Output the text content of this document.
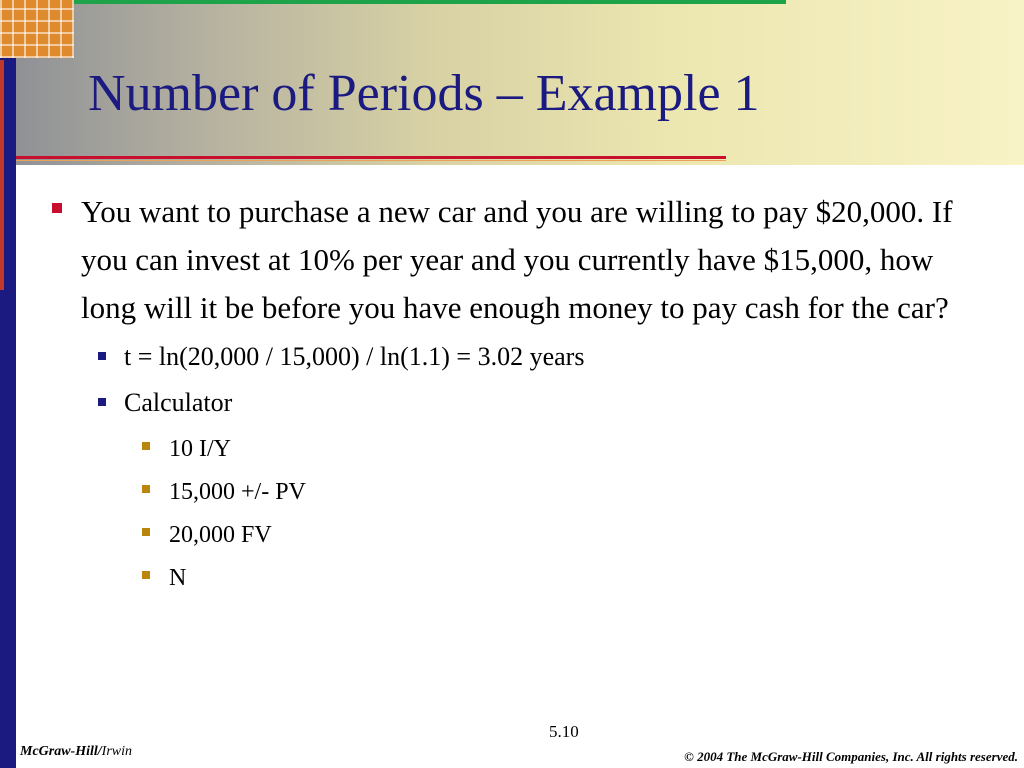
Number of Periods – Example 1
You want to purchase a new car and you are willing to pay $20,000. If you can invest at 10% per year and you currently have $15,000, how long will it be before you have enough money to pay cash for the car?
t = ln(20,000 / 15,000) / ln(1.1) = 3.02 years
Calculator
10 I/Y
15,000 +/- PV
20,000 FV
N
5.10
McGraw-Hill/Irwin	© 2004 The McGraw-Hill Companies, Inc. All rights reserved.
